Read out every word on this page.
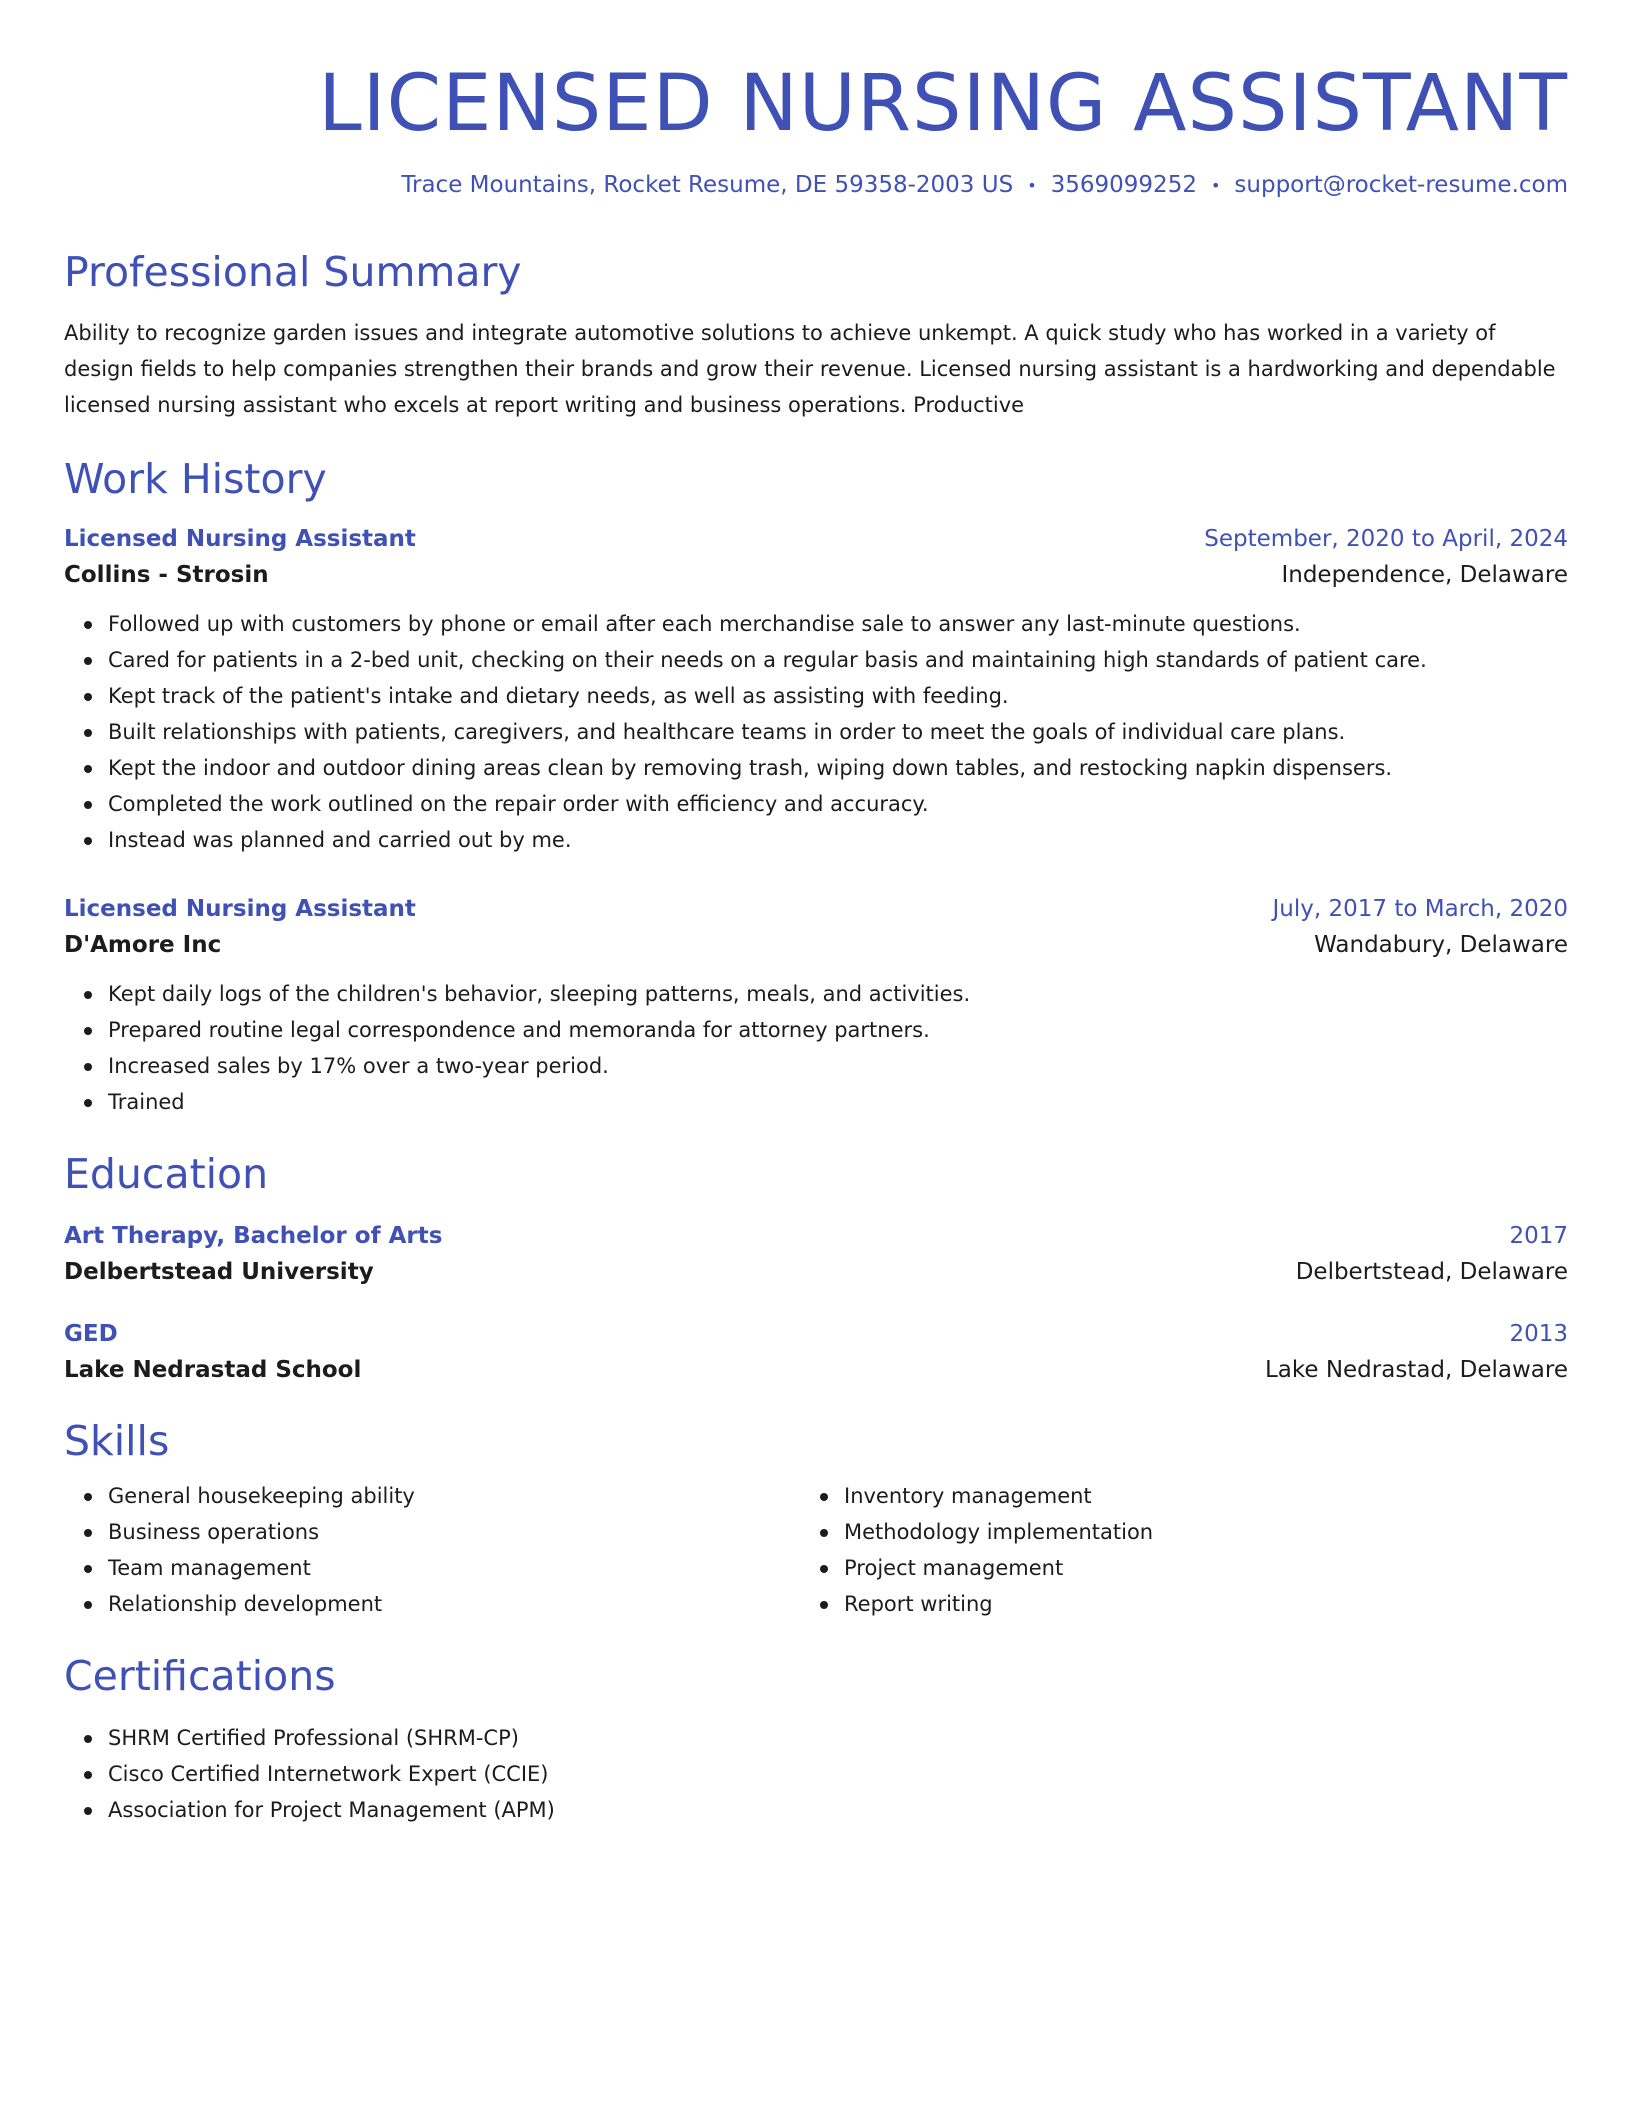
LICENSED NURSING ASSISTANT
Trace Mountains, Rocket Resume, DE 59358-2003 US • 3569099252 • support@rocket-resume.com
Professional Summary

Ability to recognize garden issues and integrate automotive solutions to achieve unkempt. A quick study who has worked in a variety of design fields to help companies strengthen their brands and grow their revenue. Licensed nursing assistant is a hardworking and dependable licensed nursing assistant who excels at report writing and business operations. Productive

Work History
Licensed Nursing Assistant	September, 2020 to April, 2024
Collins - Strosin	Independence, Delaware
Followed up with customers by phone or email after each merchandise sale to answer any last-minute questions.
Cared for patients in a 2-bed unit, checking on their needs on a regular basis and maintaining high standards of patient care.
Kept track of the patient's intake and dietary needs, as well as assisting with feeding.
Built relationships with patients, caregivers, and healthcare teams in order to meet the goals of individual care plans.
Kept the indoor and outdoor dining areas clean by removing trash, wiping down tables, and restocking napkin dispensers.
Completed the work outlined on the repair order with efficiency and accuracy.
Instead was planned and carried out by me.
Licensed Nursing Assistant	July, 2017 to March, 2020
D'Amore Inc	Wandabury, Delaware
Kept daily logs of the children's behavior, sleeping patterns, meals, and activities.
Prepared routine legal correspondence and memoranda for attorney partners.
Increased sales by 17% over a two-year period.
Trained
Education
Art Therapy, Bachelor of Arts	2017
Delbertstead University	Delbertstead, Delaware
GED	2013
Lake Nedrastad School	Lake Nedrastad, Delaware
Skills
General housekeeping ability
Business operations
Team management
Relationship development
Inventory management
Methodology implementation
Project management
Report writing
Certifications
SHRM Certified Professional (SHRM-CP)
Cisco Certified Internetwork Expert (CCIE)
Association for Project Management (APM)
